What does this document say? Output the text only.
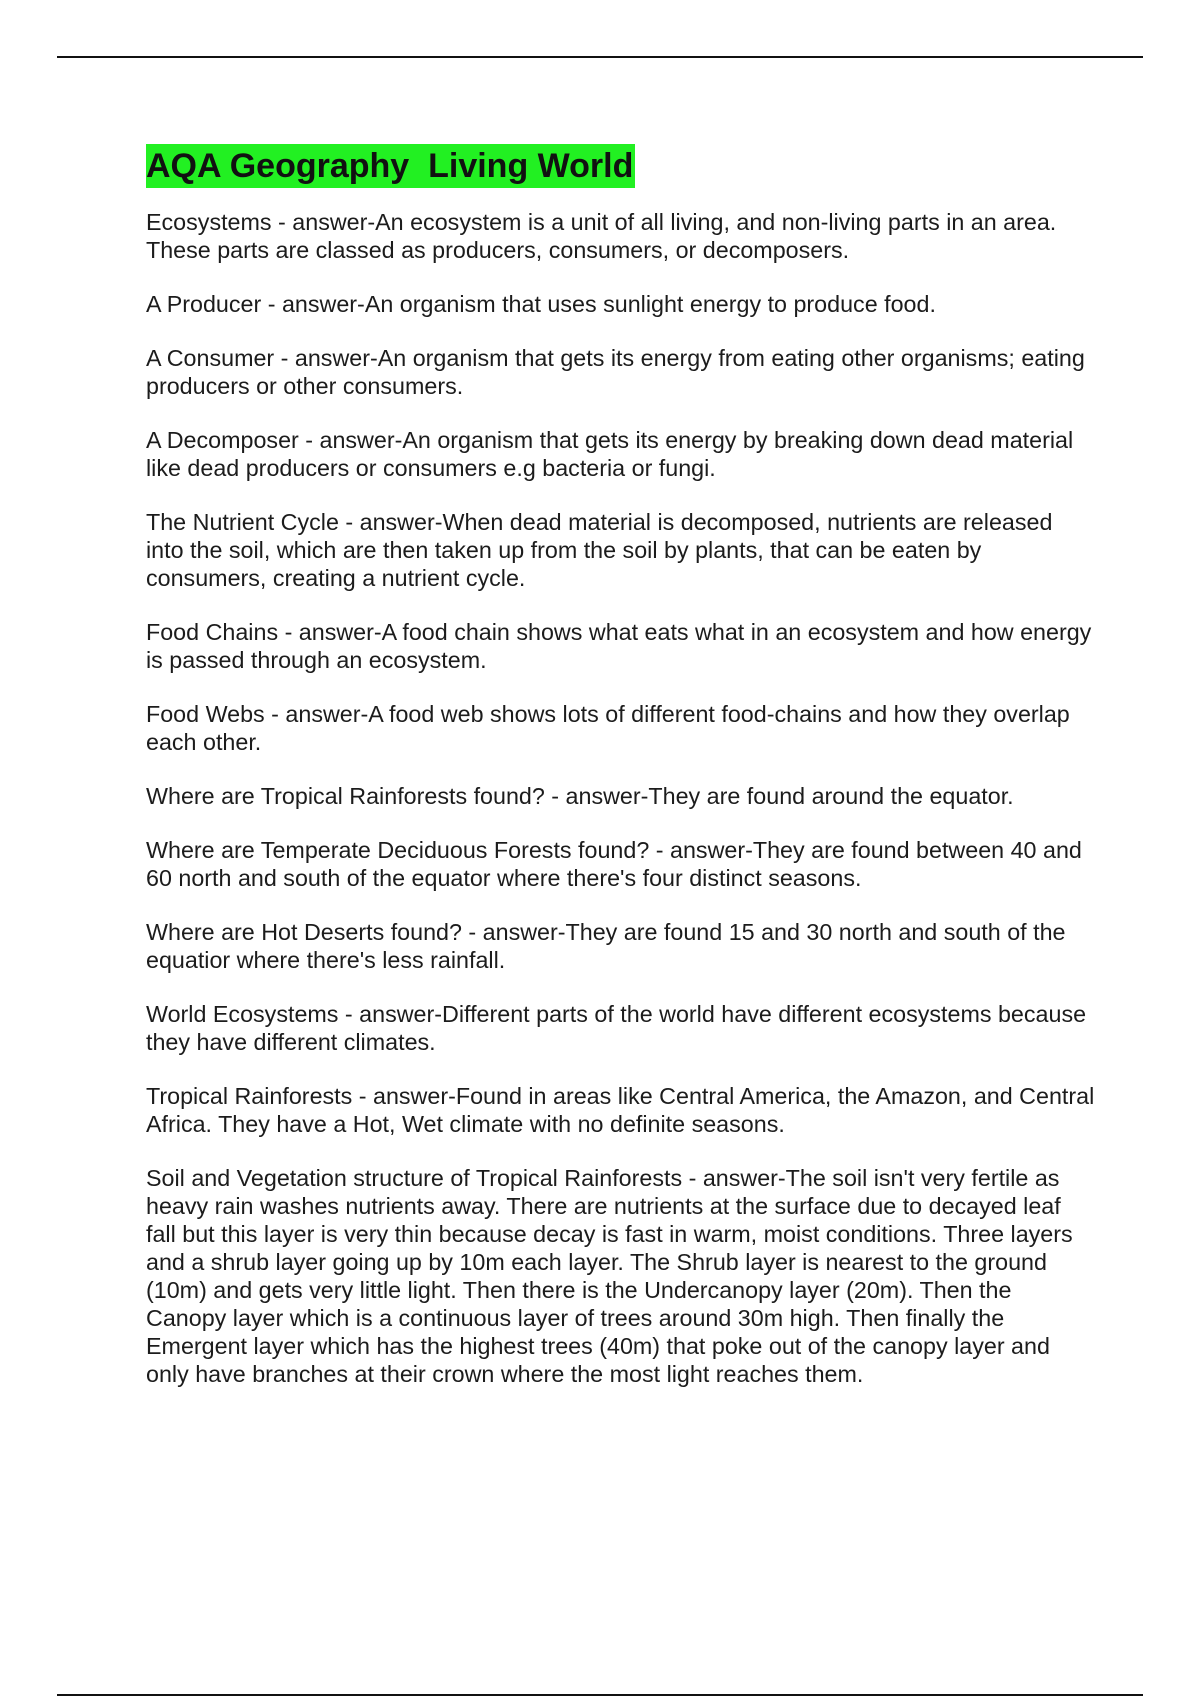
AQA Geography  Living World

Ecosystems - answer-An ecosystem is a unit of all living, and non-living parts in an area. These parts are classed as producers, consumers, or decomposers.

A Producer - answer-An organism that uses sunlight energy to produce food.

A Consumer - answer-An organism that gets its energy from eating other organisms; eating producers or other consumers.

A Decomposer - answer-An organism that gets its energy by breaking down dead material like dead producers or consumers e.g bacteria or fungi.

The Nutrient Cycle - answer-When dead material is decomposed, nutrients are released into the soil, which are then taken up from the soil by plants, that can be eaten by consumers, creating a nutrient cycle.

Food Chains - answer-A food chain shows what eats what in an ecosystem and how energy is passed through an ecosystem.

Food Webs - answer-A food web shows lots of different food-chains and how they overlap each other.

Where are Tropical Rainforests found? - answer-They are found around the equator.

Where are Temperate Deciduous Forests found? - answer-They are found between 40 and 60 north and south of the equator where there's four distinct seasons.

Where are Hot Deserts found? - answer-They are found 15 and 30 north and south of the equatior where there's less rainfall.

World Ecosystems - answer-Different parts of the world have different ecosystems because they have different climates.

Tropical Rainforests - answer-Found in areas like Central America, the Amazon, and Central Africa. They have a Hot, Wet climate with no definite seasons.

Soil and Vegetation structure of Tropical Rainforests - answer-The soil isn't very fertile as heavy rain washes nutrients away. There are nutrients at the surface due to decayed leaf fall but this layer is very thin because decay is fast in warm, moist conditions. Three layers and a shrub layer going up by 10m each layer. The Shrub layer is nearest to the ground (10m) and gets very little light. Then there is the Undercanopy layer (20m). Then the Canopy layer which is a continuous layer of trees around 30m high. Then finally the Emergent layer which has the highest trees (40m) that poke out of the canopy layer and only have branches at their crown where the most light reaches them.
